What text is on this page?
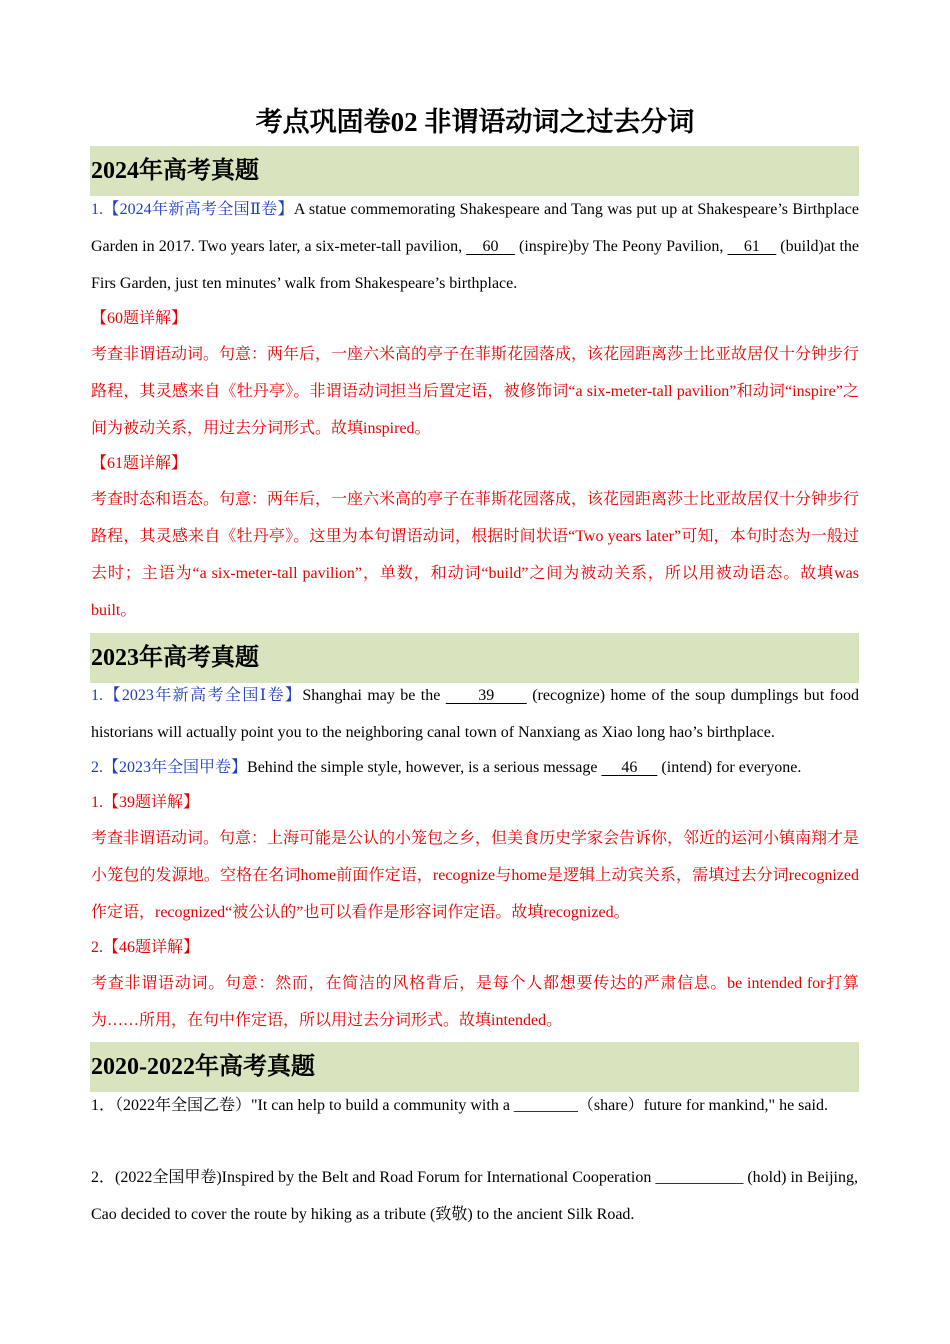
考点巩固卷02 非谓语动词之过去分词
2024年高考真题

1.【2024年新高考全国Ⅱ卷】A statue commemorating Shakespeare and Tang was put up at Shakespeare’s Birthplace Garden in 2017. Two years later, a six-meter-tall pavilion,     60     (inspire)by The Peony Pavilion,     61     (build)at the Firs Garden, just ten minutes’ walk from Shakespeare’s birthplace.

【60题详解】

考查非谓语动词。句意：两年后，一座六米高的亭子在菲斯花园落成，该花园距离莎士比亚故居仅十分钟步行路程，其灵感来自《牡丹亭》。非谓语动词担当后置定语，被修饰词“a six-meter-tall pavilion”和动词“inspire”之间为被动关系，用过去分词形式。故填inspired。

【61题详解】

考查时态和语态。句意：两年后，一座六米高的亭子在菲斯花园落成，该花园距离莎士比亚故居仅十分钟步行路程，其灵感来自《牡丹亭》。这里为本句谓语动词，根据时间状语“Two years later”可知，本句时态为一般过去时；主语为“a six-meter-tall pavilion”，单数，和动词“build”之间为被动关系，所以用被动语态。故填was built。

2023年高考真题

1.【2023年新高考全国Ⅰ卷】Shanghai may be the       39       (recognize) home of the soup dumplings but food historians will actually point you to the neighboring canal town of Nanxiang as Xiao long hao’s birthplace.

2.【2023年全国甲卷】Behind the simple style, however, is a serious message      46      (intend) for everyone.

1.【39题详解】

考查非谓语动词。句意：上海可能是公认的小笼包之乡，但美食历史学家会告诉你，邻近的运河小镇南翔才是小笼包的发源地。空格在名词home前面作定语，recognize与home是逻辑上动宾关系，需填过去分词recognized作定语，recognized“被公认的”也可以看作是形容词作定语。故填recognized。

2.【46题详解】

考查非谓语动词。句意：然而，在简洁的风格背后，是每个人都想要传达的严肃信息。be intended for打算为……所用，在句中作定语，所以用过去分词形式。故填intended。

2020-2022年高考真题

1．（2022年全国乙卷）"It can help to build a community with a ________（share）future for mankind," he said.

2．(2022全国甲卷)Inspired by the Belt and Road Forum for International Cooperation ___________ (hold) in Beijing, Cao decided to cover the route by hiking as a tribute (致敬) to the ancient Silk Road.
